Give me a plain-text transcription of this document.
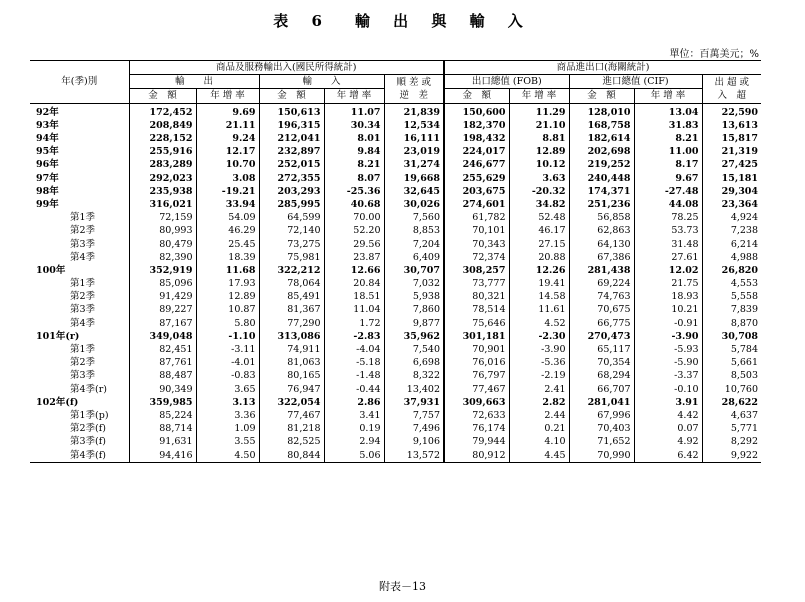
表 6　輸 出 與 輸 入
單位：百萬美元；%
年(季)別	商品及服務輸出入(國民所得統計)					商品進出口(海關統計)				
	輸　　出		輸　　入		順 差 或	出口總值 (FOB)		進口總值 (CIF)		出 超 或
	金　額	年 增 率	金　額	年 增 率	逆　差	金　額	年 增 率	金　額	年 增 率	入　超
92年	172,452	9.69	150,613	11.07	21,839	150,600	11.29	128,010	13.04	22,590
93年	208,849	21.11	196,315	30.34	12,534	182,370	21.10	168,758	31.83	13,613
94年	228,152	9.24	212,041	8.01	16,111	198,432	8.81	182,614	8.21	15,817
95年	255,916	12.17	232,897	9.84	23,019	224,017	12.89	202,698	11.00	21,319
96年	283,289	10.70	252,015	8.21	31,274	246,677	10.12	219,252	8.17	27,425
97年	292,023	3.08	272,355	8.07	19,668	255,629	3.63	240,448	9.67	15,181
98年	235,938	-19.21	203,293	-25.36	32,645	203,675	-20.32	174,371	-27.48	29,304
99年	316,021	33.94	285,995	40.68	30,026	274,601	34.82	251,236	44.08	23,364
第1季	72,159	54.09	64,599	70.00	7,560	61,782	52.48	56,858	78.25	4,924
第2季	80,993	46.29	72,140	52.20	8,853	70,101	46.17	62,863	53.73	7,238
第3季	80,479	25.45	73,275	29.56	7,204	70,343	27.15	64,130	31.48	6,214
第4季	82,390	18.39	75,981	23.87	6,409	72,374	20.88	67,386	27.61	4,988
100年	352,919	11.68	322,212	12.66	30,707	308,257	12.26	281,438	12.02	26,820
第1季	85,096	17.93	78,064	20.84	7,032	73,777	19.41	69,224	21.75	4,553
第2季	91,429	12.89	85,491	18.51	5,938	80,321	14.58	74,763	18.93	5,558
第3季	89,227	10.87	81,367	11.04	7,860	78,514	11.61	70,675	10.21	7,839
第4季	87,167	5.80	77,290	1.72	9,877	75,646	4.52	66,775	-0.91	8,870
101年(r)	349,048	-1.10	313,086	-2.83	35,962	301,181	-2.30	270,473	-3.90	30,708
第1季	82,451	-3.11	74,911	-4.04	7,540	70,901	-3.90	65,117	-5.93	5,784
第2季	87,761	-4.01	81,063	-5.18	6,698	76,016	-5.36	70,354	-5.90	5,661
第3季	88,487	-0.83	80,165	-1.48	8,322	76,797	-2.19	68,294	-3.37	8,503
第4季(r)	90,349	3.65	76,947	-0.44	13,402	77,467	2.41	66,707	-0.10	10,760
102年(f)	359,985	3.13	322,054	2.86	37,931	309,663	2.82	281,041	3.91	28,622
第1季(p)	85,224	3.36	77,467	3.41	7,757	72,633	2.44	67,996	4.42	4,637
第2季(f)	88,714	1.09	81,218	0.19	7,496	76,174	0.21	70,403	0.07	5,771
第3季(f)	91,631	3.55	82,525	2.94	9,106	79,944	4.10	71,652	4.92	8,292
第4季(f)	94,416	4.50	80,844	5.06	13,572	80,912	4.45	70,990	6.42	9,922
附表－13
